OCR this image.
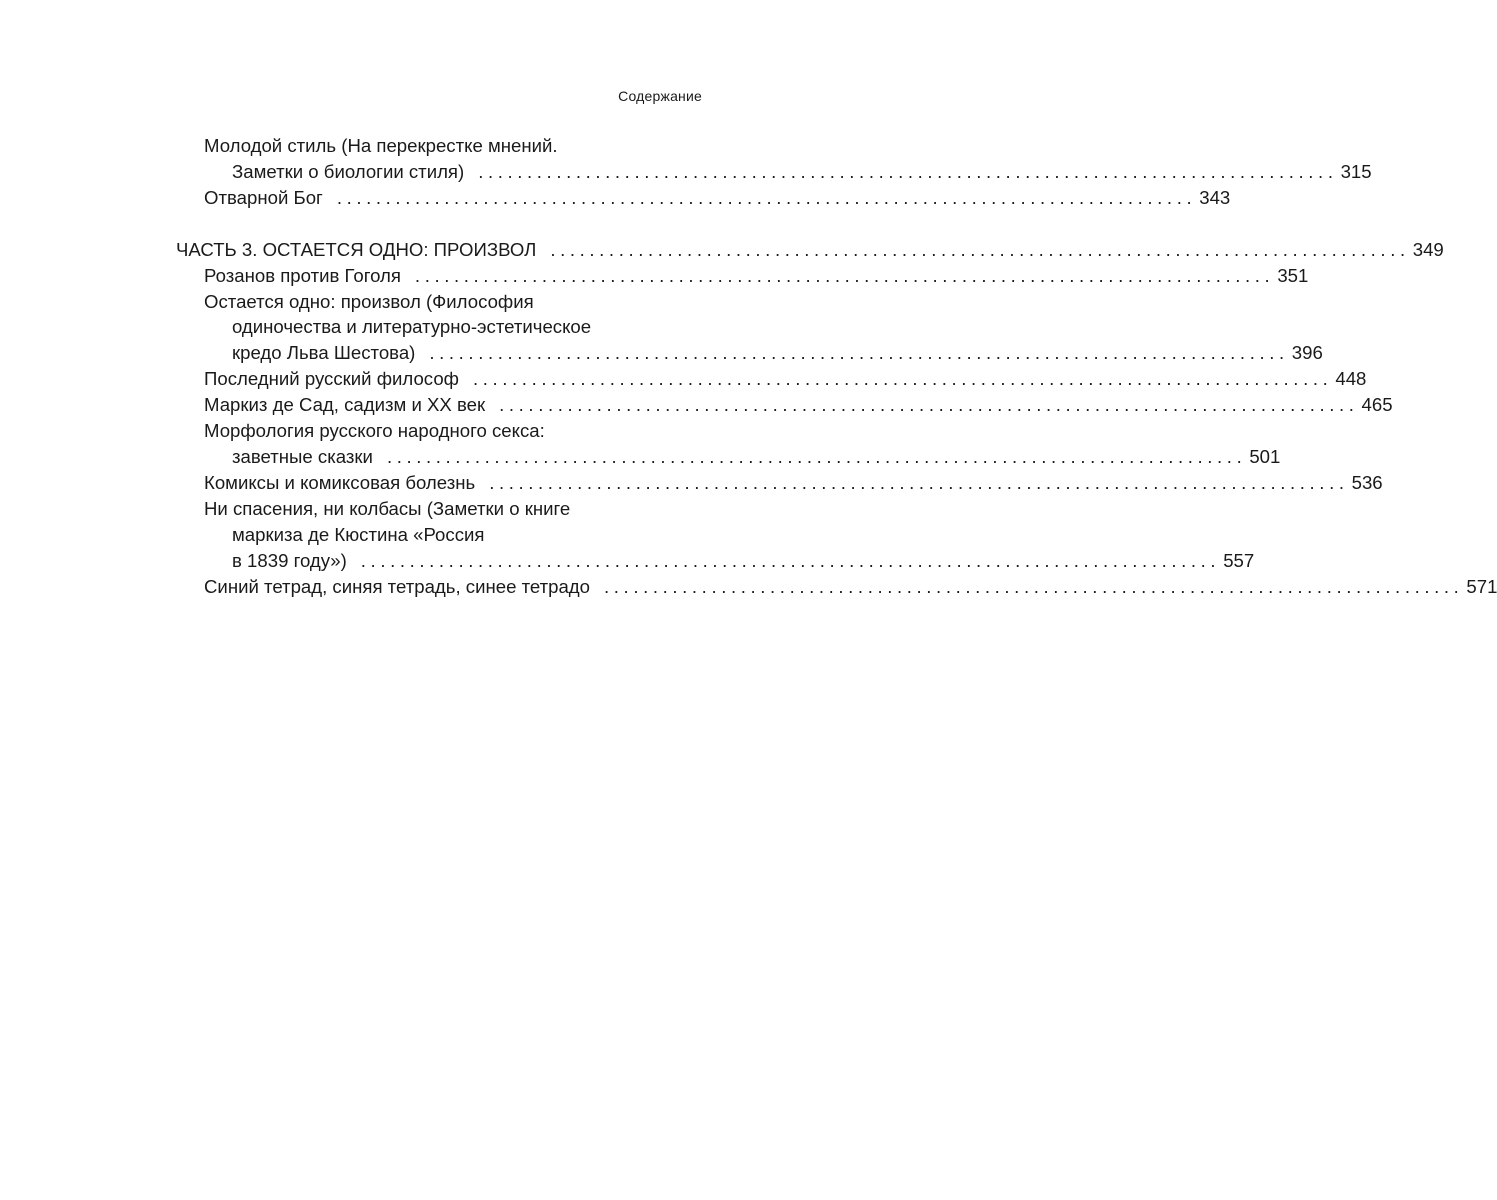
Содержание
Молодой стиль (На перекрестке мнений.
Заметки о биологии стиля) ........................................................................................ 315
Отварной Бог ........................................................................................ 343
ЧАСТЬ 3. ОСТАЕТСЯ ОДНО: ПРОИЗВОЛ ........................................................................................ 349
Розанов против Гоголя ........................................................................................ 351
Остается одно: произвол (Философия
одиночества и литературно-эстетическое
кредо Льва Шестова) ........................................................................................ 396
Последний русский философ ........................................................................................ 448
Маркиз де Сад, садизм и XX век ........................................................................................ 465
Морфология русского народного секса:
заветные сказки ........................................................................................ 501
Комиксы и комиксовая болезнь ........................................................................................ 536
Ни спасения, ни колбасы (Заметки о книге
маркиза де Кюстина «Россия
в 1839 году») ........................................................................................ 557
Синий тетрад, синяя тетрадь, синее тетрадо ........................................................................................ 571
